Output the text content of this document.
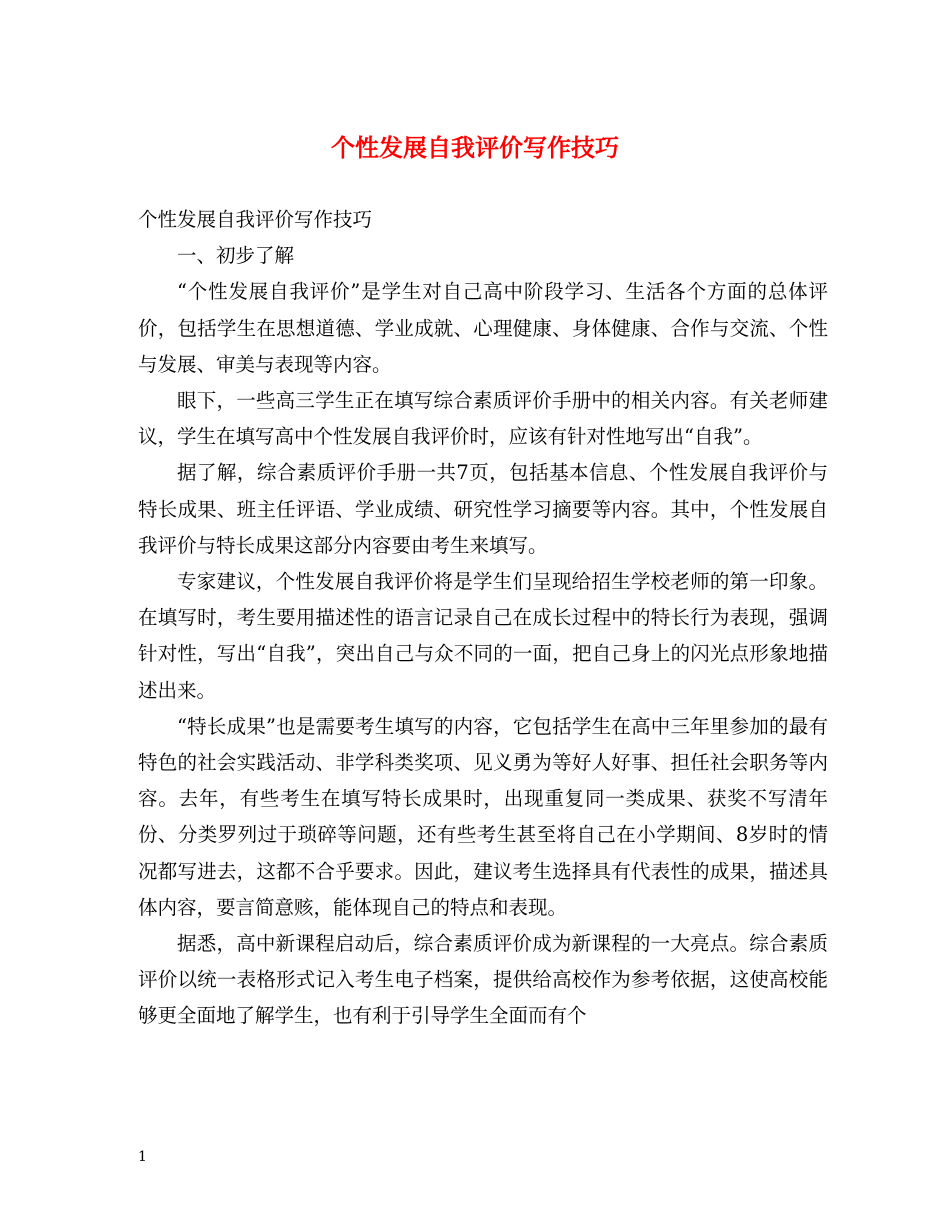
个性发展自我评价写作技巧

个性发展自我评价写作技巧

一、初步了解

“个性发展自我评价”是学生对自己高中阶段学习、生活各个方面的总体评价，包括学生在思想道德、学业成就、心理健康、身体健康、合作与交流、个性与发展、审美与表现等内容。

眼下，一些高三学生正在填写综合素质评价手册中的相关内容。有关老师建议，学生在填写高中个性发展自我评价时，应该有针对性地写出“自我”。

据了解，综合素质评价手册一共7页，包括基本信息、个性发展自我评价与特长成果、班主任评语、学业成绩、研究性学习摘要等内容。其中，个性发展自我评价与特长成果这部分内容要由考生来填写。

专家建议，个性发展自我评价将是学生们呈现给招生学校老师的第一印象。在填写时，考生要用描述性的语言记录自己在成长过程中的特长行为表现，强调针对性，写出“自我”，突出自己与众不同的一面，把自己身上的闪光点形象地描述出来。

“特长成果”也是需要考生填写的内容，它包括学生在高中三年里参加的最有特色的社会实践活动、非学科类奖项、见义勇为等好人好事、担任社会职务等内容。去年，有些考生在填写特长成果时，出现重复同一类成果、获奖不写清年份、分类罗列过于琐碎等问题，还有些考生甚至将自己在小学期间、8岁时的情况都写进去，这都不合乎要求。因此，建议考生选择具有代表性的成果，描述具体内容，要言简意赅，能体现自己的特点和表现。

据悉，高中新课程启动后，综合素质评价成为新课程的一大亮点。综合素质评价以统一表格形式记入考生电子档案，提供给高校作为参考依据，这使高校能够更全面地了解学生，也有利于引导学生全面而有个

1
